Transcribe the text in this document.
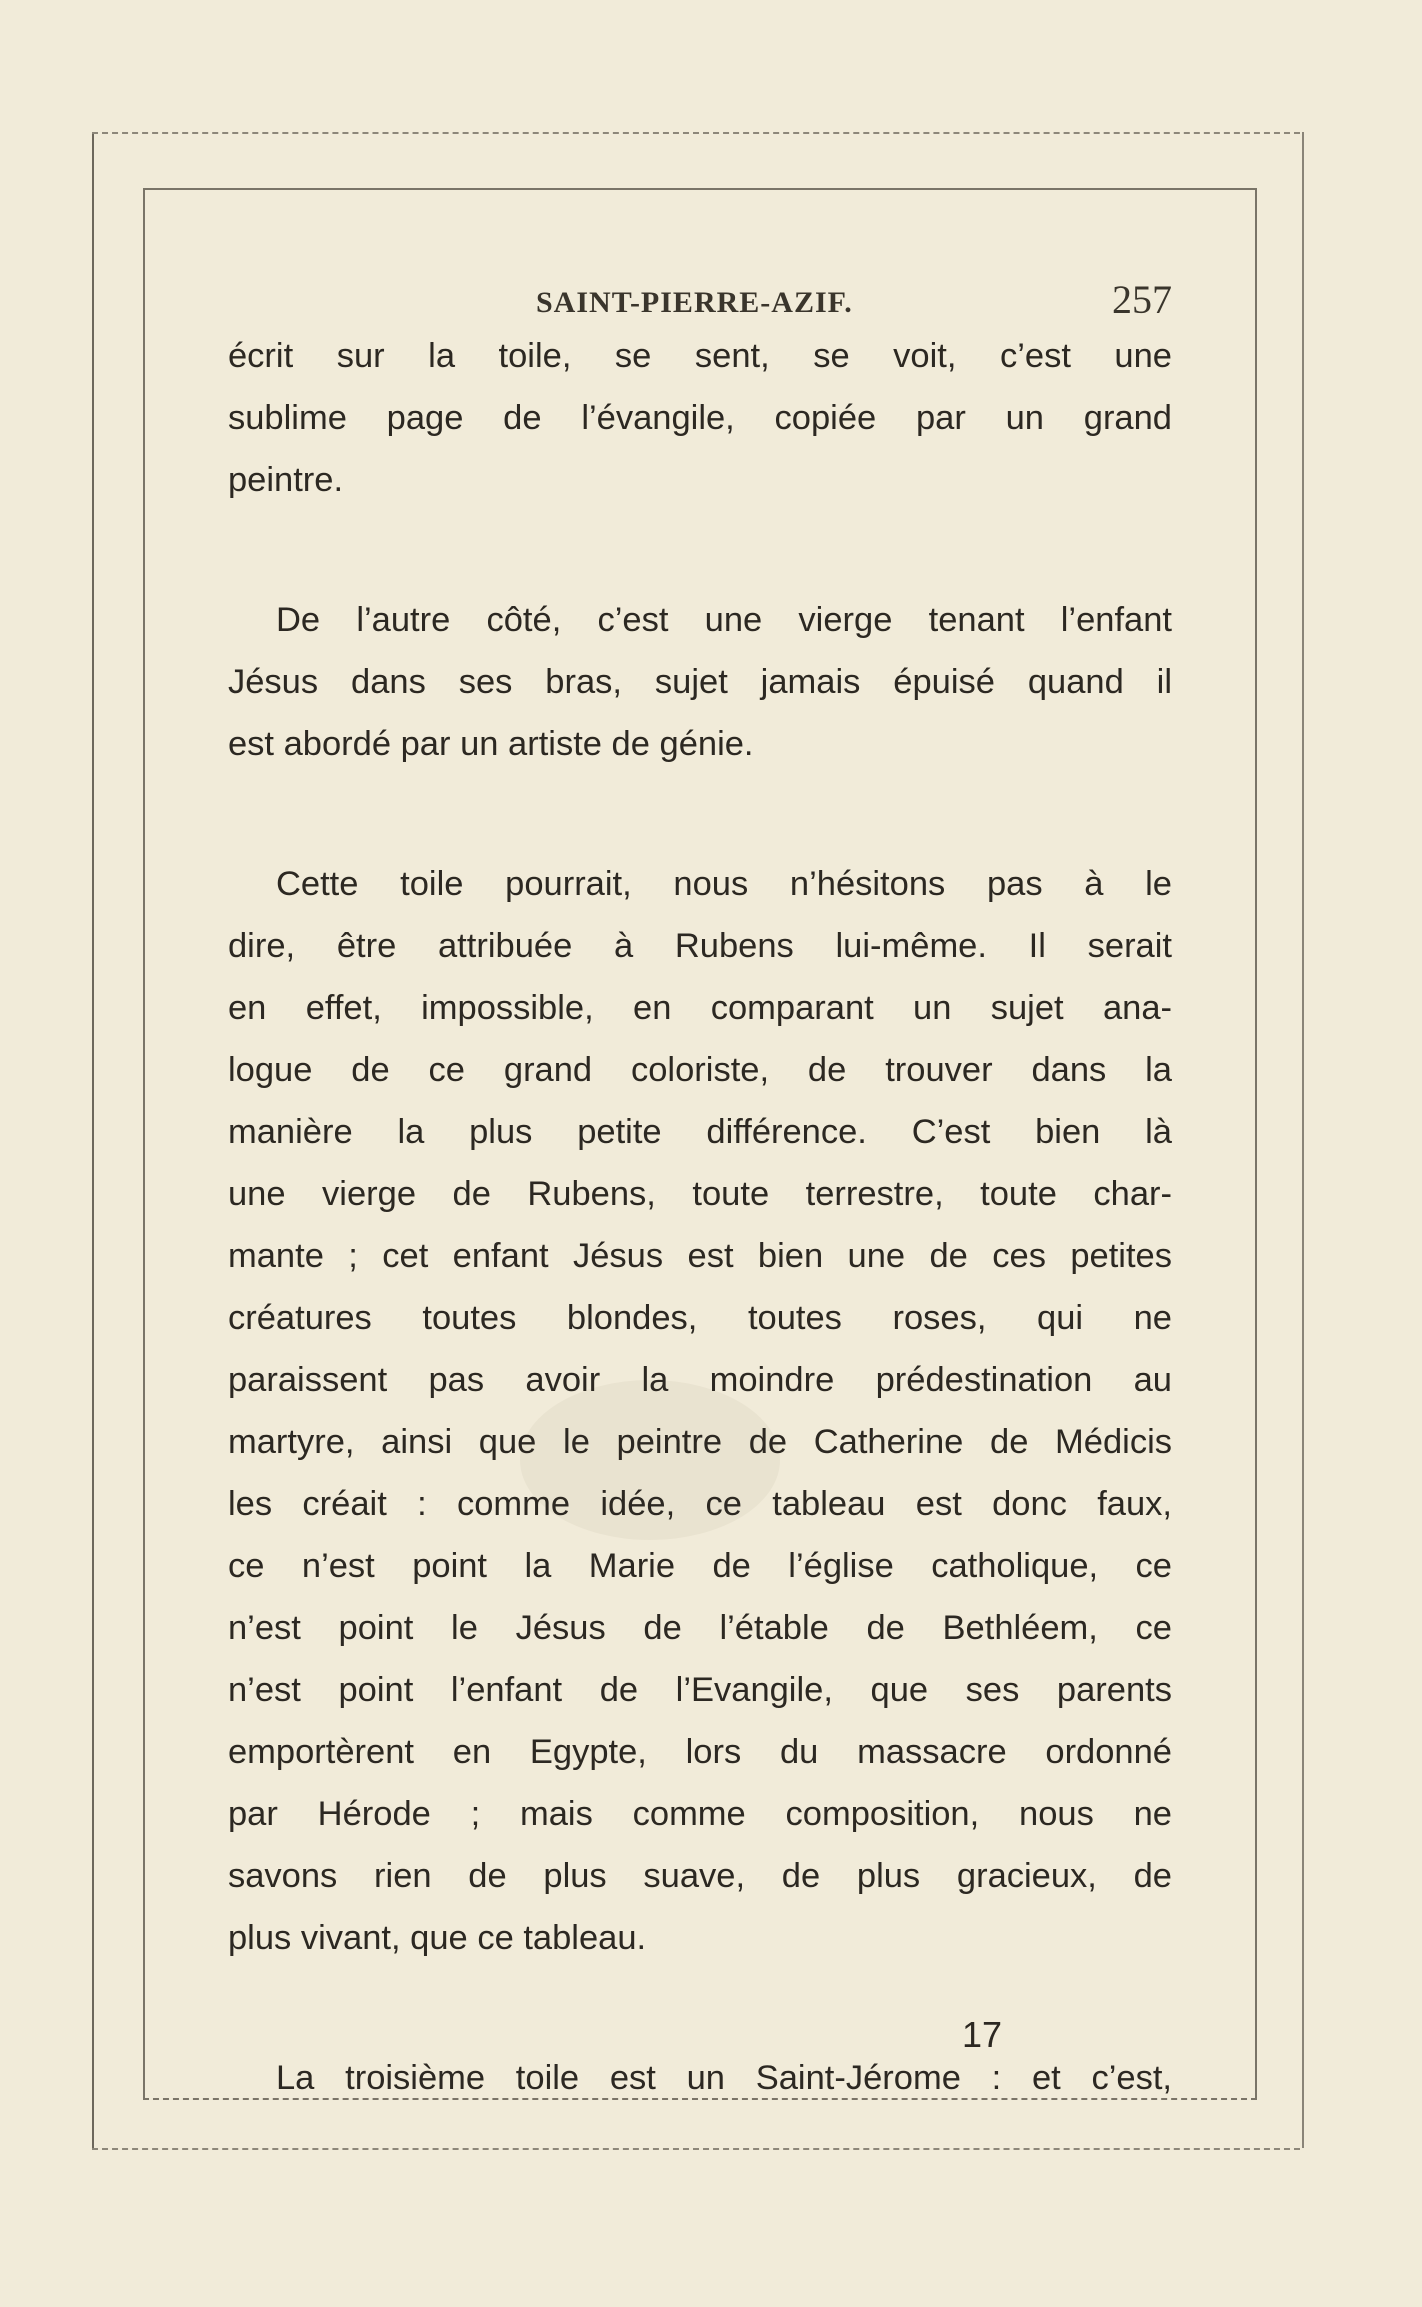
SAINT-PIERRE-AZIF.	257
écrit sur la toile, se sent, se voit, c’est une
sublime page de l’évangile, copiée par un grand
peintre.
De l’autre côté, c’est une vierge tenant l’enfant
Jésus dans ses bras, sujet jamais épuisé quand il
est abordé par un artiste de génie.
Cette toile pourrait, nous n’hésitons pas à le
dire, être attribuée à Rubens lui-même. Il serait
en effet, impossible, en comparant un sujet ana-
logue de ce grand coloriste, de trouver dans la
manière la plus petite différence. C’est bien là
une vierge de Rubens, toute terrestre, toute char-
mante ; cet enfant Jésus est bien une de ces petites
créatures toutes blondes, toutes roses, qui ne
paraissent pas avoir la moindre prédestination au
martyre, ainsi que le peintre de Catherine de Médicis
les créait : comme idée, ce tableau est donc faux,
ce n’est point la Marie de l’église catholique, ce
n’est point le Jésus de l’étable de Bethléem, ce
n’est point l’enfant de l’Evangile, que ses parents
emportèrent en Egypte, lors du massacre ordonné
par Hérode ; mais comme composition, nous ne
savons rien de plus suave, de plus gracieux, de
plus vivant, que ce tableau.
La troisième toile est un Saint-Jérome : et c’est,
17
